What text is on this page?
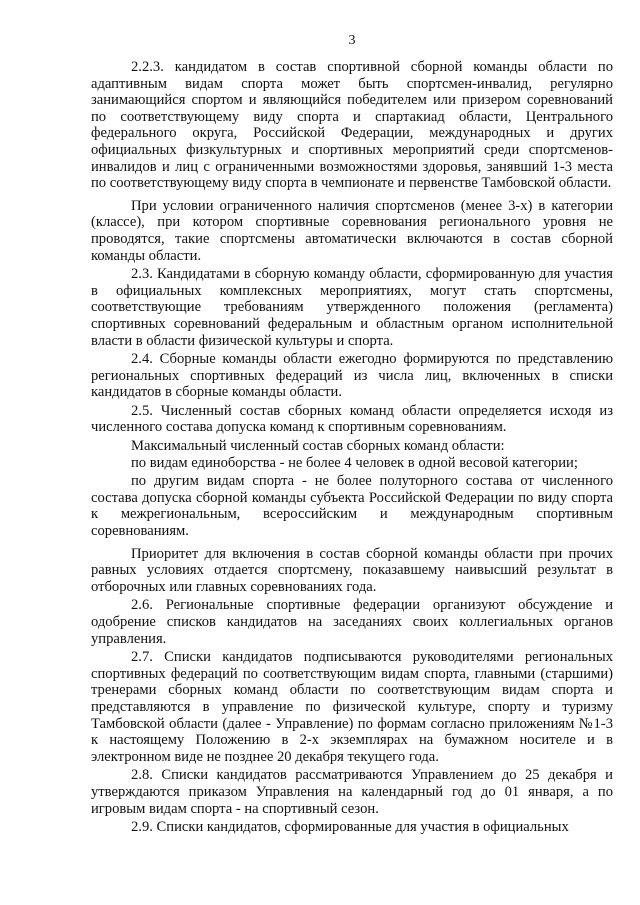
3

2.2.3. кандидатом в состав спортивной сборной команды области по адаптивным видам спорта может быть спортсмен-инвалид, регулярно занимающийся спортом и являющийся победителем или призером соревнований по соответствующему виду спорта и спартакиад области, Центрального федерального округа, Российской Федерации, международных и других официальных физкультурных и спортивных мероприятий среди спортсменов-инвалидов и лиц с ограниченными возможностями здоровья, занявший 1-3 места по соответствующему виду спорта в чемпионате и первенстве Тамбовской области.

При условии ограниченного наличия спортсменов (менее 3-х) в категории (классе), при котором спортивные соревнования регионального уровня не проводятся, такие спортсмены автоматически включаются в состав сборной команды области.

2.3. Кандидатами в сборную команду области, сформированную для участия в официальных комплексных мероприятиях, могут стать спортсмены, соответствующие требованиям утвержденного положения (регламента) спортивных соревнований федеральным и областным органом исполнительной власти в области физической культуры и спорта.

2.4. Сборные команды области ежегодно формируются по представлению региональных спортивных федераций из числа лиц, включенных в списки кандидатов в сборные команды области.

2.5. Численный состав сборных команд области определяется исходя из численного состава допуска команд к спортивным соревнованиям.

Максимальный численный состав сборных команд области:

по видам единоборства - не более 4 человек в одной весовой категории;

по другим видам спорта - не более полуторного состава от численного состава допуска сборной команды субъекта Российской Федерации по виду спорта к межрегиональным, всероссийским и международным спортивным соревнованиям.

Приоритет для включения в состав сборной команды области при прочих равных условиях отдается спортсмену, показавшему наивысший результат в отборочных или главных соревнованиях года.

2.6. Региональные спортивные федерации организуют обсуждение и одобрение списков кандидатов на заседаниях своих коллегиальных органов управления.

2.7. Списки кандидатов подписываются руководителями региональных спортивных федераций по соответствующим видам спорта, главными (старшими) тренерами сборных команд области по соответствующим видам спорта и представляются в управление по физической культуре, спорту и туризму Тамбовской области (далее - Управление) по формам согласно приложениям №1-3 к настоящему Положению в 2-х экземплярах на бумажном носителе и в электронном виде не позднее 20 декабря текущего года.

2.8. Списки кандидатов рассматриваются Управлением до 25 декабря и утверждаются приказом Управления на календарный год до 01 января, а по игровым видам спорта - на спортивный сезон.

2.9. Списки кандидатов, сформированные для участия в официальных
